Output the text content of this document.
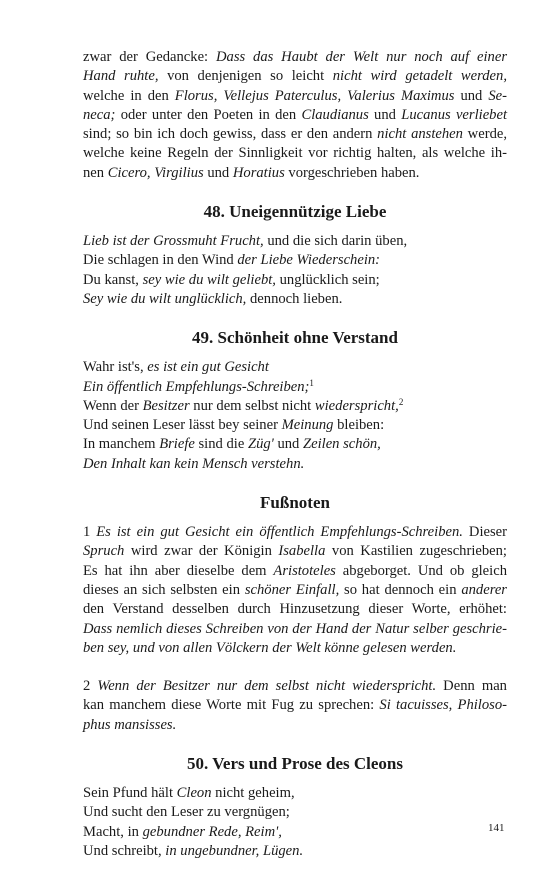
zwar der Gedancke: Dass das Haubt der Welt nur noch auf einer
Hand ruhte, von denjenigen so leicht nicht wird getadelt werden,
welche in den Florus, Vellejus Paterculus, Valerius Maximus und Se-
neca; oder unter den Poeten in den Claudianus und Lucanus verliebet
sind; so bin ich doch gewiss, dass er den andern nicht anstehen werde,
welche keine Regeln der Sinnligkeit vor richtig halten, als welche ih-
nen Cicero, Virgilius und Horatius vorgeschrieben haben.
48. Uneigennützige Liebe
Lieb ist der Grossmuht Frucht, und die sich darin üben,
Die schlagen in den Wind der Liebe Wiederschein:
Du kanst, sey wie du wilt geliebt, unglücklich sein;
Sey wie du wilt unglücklich, dennoch lieben.
49. Schönheit ohne Verstand
Wahr ist's, es ist ein gut Gesicht
Ein öffentlich Empfehlungs-Schreiben;$^1$
Wenn der Besitzer nur dem selbst nicht wiederspricht,$^2$
Und seinen Leser lässt bey seiner Meinung bleiben:
In manchem Briefe sind die Züg' und Zeilen schön,
Den Inhalt kan kein Mensch verstehn.
Fußnoten
1 Es ist ein gut Gesicht ein öffentlich Empfehlungs-Schreiben. Dieser
Spruch wird zwar der Königin Isabella von Kastilien zugeschrieben;
Es hat ihn aber dieselbe dem Aristoteles abgeborget. Und ob gleich
dieses an sich selbsten ein schöner Einfall, so hat dennoch ein anderer
den Verstand desselben durch Hinzusetzung dieser Worte, erhöhet:
Dass nemlich dieses Schreiben von der Hand der Natur selber geschrie-
ben sey, und von allen Völckern der Welt könne gelesen werden.
2 Wenn der Besitzer nur dem selbst nicht wiederspricht. Denn man
kan manchem diese Worte mit Fug zu sprechen: Si tacuisses, Philoso-
phus mansisses.
50. Vers und Prose des Cleons
Sein Pfund hält Cleon nicht geheim,
Und sucht den Leser zu vergnügen;
Macht, in gebundner Rede, Reim',
Und schreibt, in ungebundner, Lügen.
141
